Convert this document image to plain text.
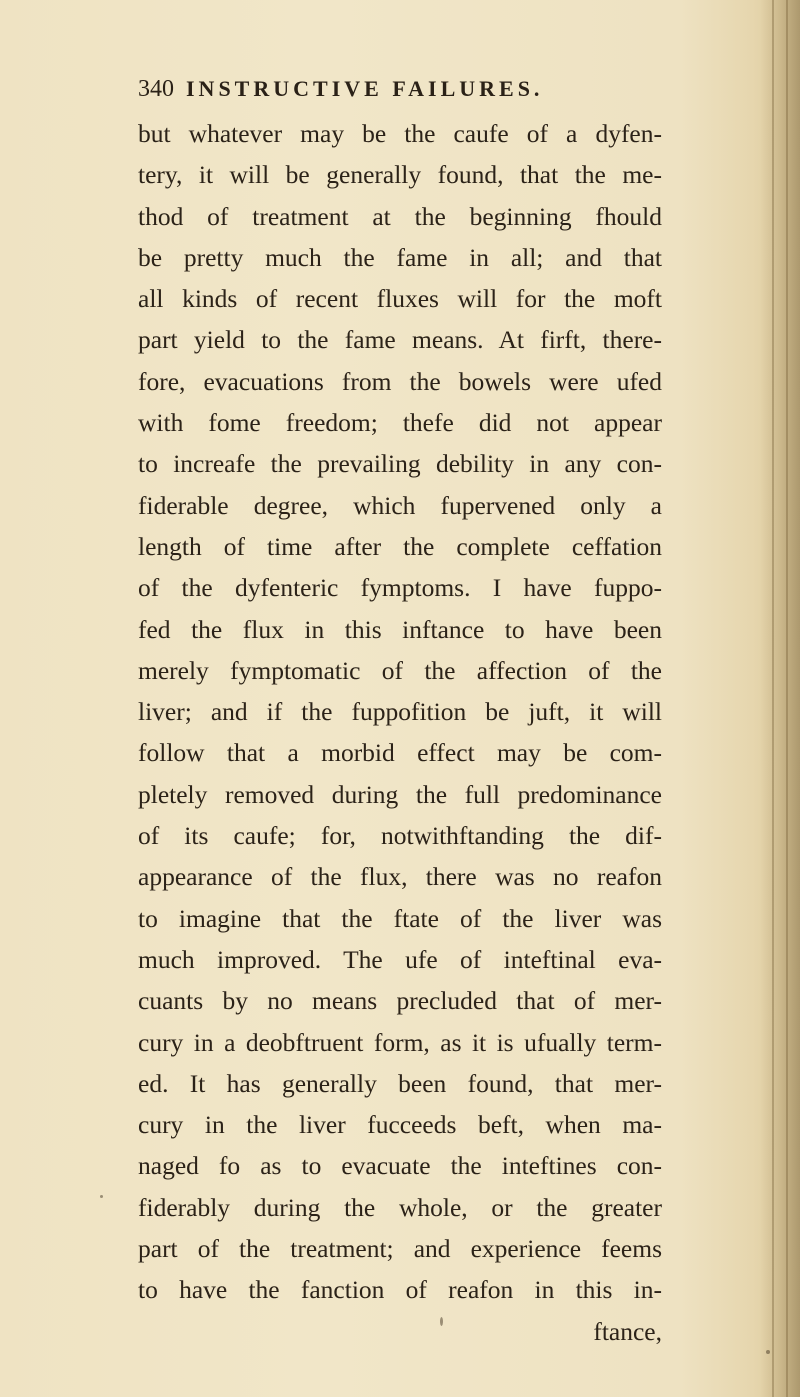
340 INSTRUCTIVE FAILURES.
but whatever may be the caufe of a dyfen-
tery, it will be generally found, that the me-
thod of treatment at the beginning fhould
be pretty much the fame in all; and that
all kinds of recent fluxes will for the moft
part yield to the fame means. At firft, there-
fore, evacuations from the bowels were ufed
with fome freedom; thefe did not appear
to increafe the prevailing debility in any con-
fiderable degree, which fupervened only a
length of time after the complete ceffation
of the dyfenteric fymptoms. I have fuppo-
fed the flux in this inftance to have been
merely fymptomatic of the affection of the
liver; and if the fuppofition be juft, it will
follow that a morbid effect may be com-
pletely removed during the full predominance
of its caufe; for, notwithftanding the dif-
appearance of the flux, there was no reafon
to imagine that the ftate of the liver was
much improved. The ufe of inteftinal eva-
cuants by no means precluded that of mer-
cury in a deobftruent form, as it is ufually term-
ed. It has generally been found, that mer-
cury in the liver fucceeds beft, when ma-
naged fo as to evacuate the inteftines con-
fiderably during the whole, or the greater
part of the treatment; and experience feems
to have the fanction of reafon in this in-
ftance,
